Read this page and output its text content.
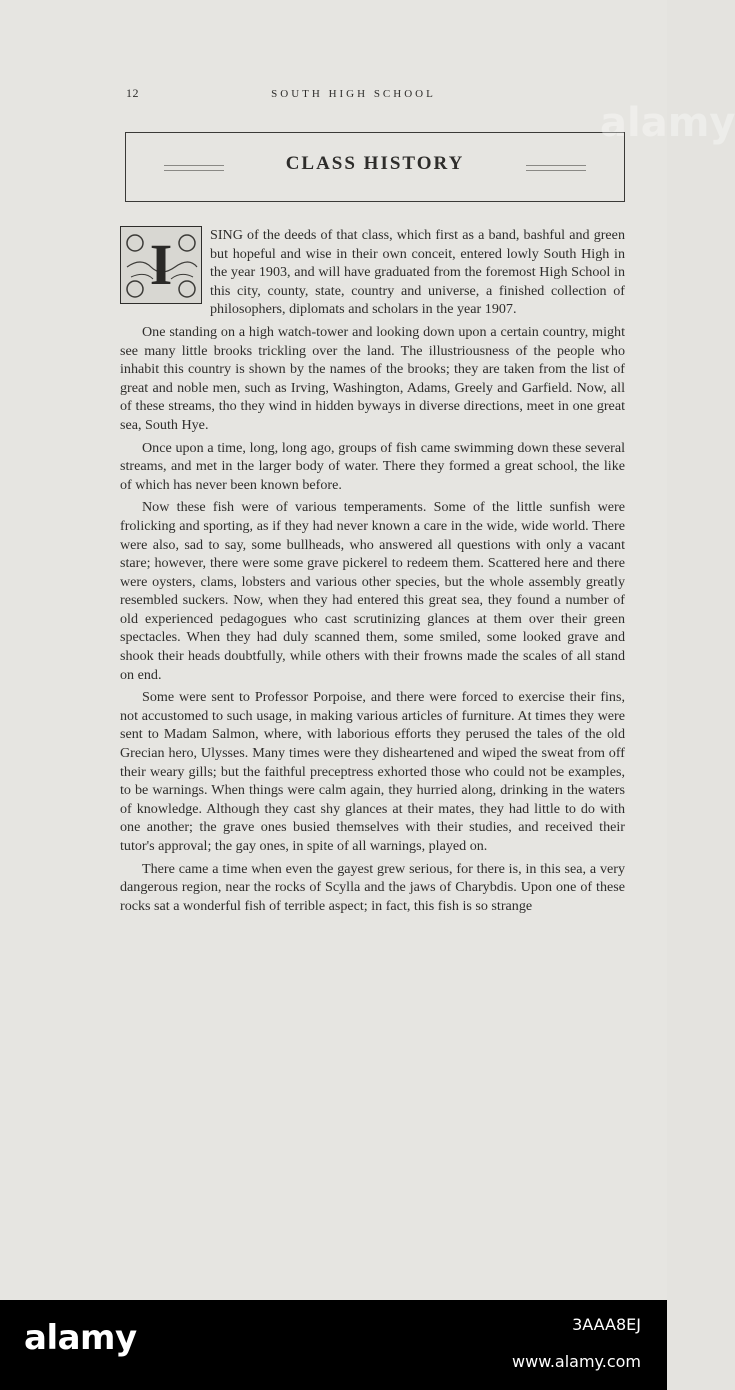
12	SOUTH HIGH SCHOOL
CLASS HISTORY

I	SING of the deeds of that class, which first as a band, bashful and green but hopeful and wise in their own conceit, entered lowly South High in the year 1903, and will have graduated from the foremost High School in this city, county, state, country and universe, a finished collection of philosophers, diplomats and scholars in the year 1907.

One standing on a high watch-tower and looking down upon a certain country, might see many little brooks trickling over the land. The illustriousness of the people who inhabit this country is shown by the names of the brooks; they are taken from the list of great and noble men, such as Irving, Washington, Adams, Greely and Garfield. Now, all of these streams, tho they wind in hidden byways in diverse directions, meet in one great sea, South Hye.

Once upon a time, long, long ago, groups of fish came swimming down these several streams, and met in the larger body of water. There they formed a great school, the like of which has never been known before.

Now these fish were of various temperaments. Some of the little sunfish were frolicking and sporting, as if they had never known a care in the wide, wide world. There were also, sad to say, some bullheads, who answered all questions with only a vacant stare; however, there were some grave pickerel to redeem them. Scattered here and there were oysters, clams, lobsters and various other species, but the whole assembly greatly resembled suckers. Now, when they had entered this great sea, they found a number of old experienced pedagogues who cast scrutinizing glances at them over their green spectacles. When they had duly scanned them, some smiled, some looked grave and shook their heads doubtfully, while others with their frowns made the scales of all stand on end.

Some were sent to Professor Porpoise, and there were forced to exercise their fins, not accustomed to such usage, in making various articles of furniture. At times they were sent to Madam Salmon, where, with laborious efforts they perused the tales of the old Grecian hero, Ulysses. Many times were they disheartened and wiped the sweat from off their weary gills; but the faithful preceptress exhorted those who could not be examples, to be warnings. When things were calm again, they hurried along, drinking in the waters of knowledge. Although they cast shy glances at their mates, they had little to do with one another; the grave ones busied themselves with their studies, and received their tutor's approval; the gay ones, in spite of all warnings, played on.

There came a time when even the gayest grew serious, for there is, in this sea, a very dangerous region, near the rocks of Scylla and the jaws of Charybdis. Upon one of these rocks sat a wonderful fish of terrible aspect; in fact, this fish is so strange

alamy
alamy	3AAA8EJ
www.alamy.com
